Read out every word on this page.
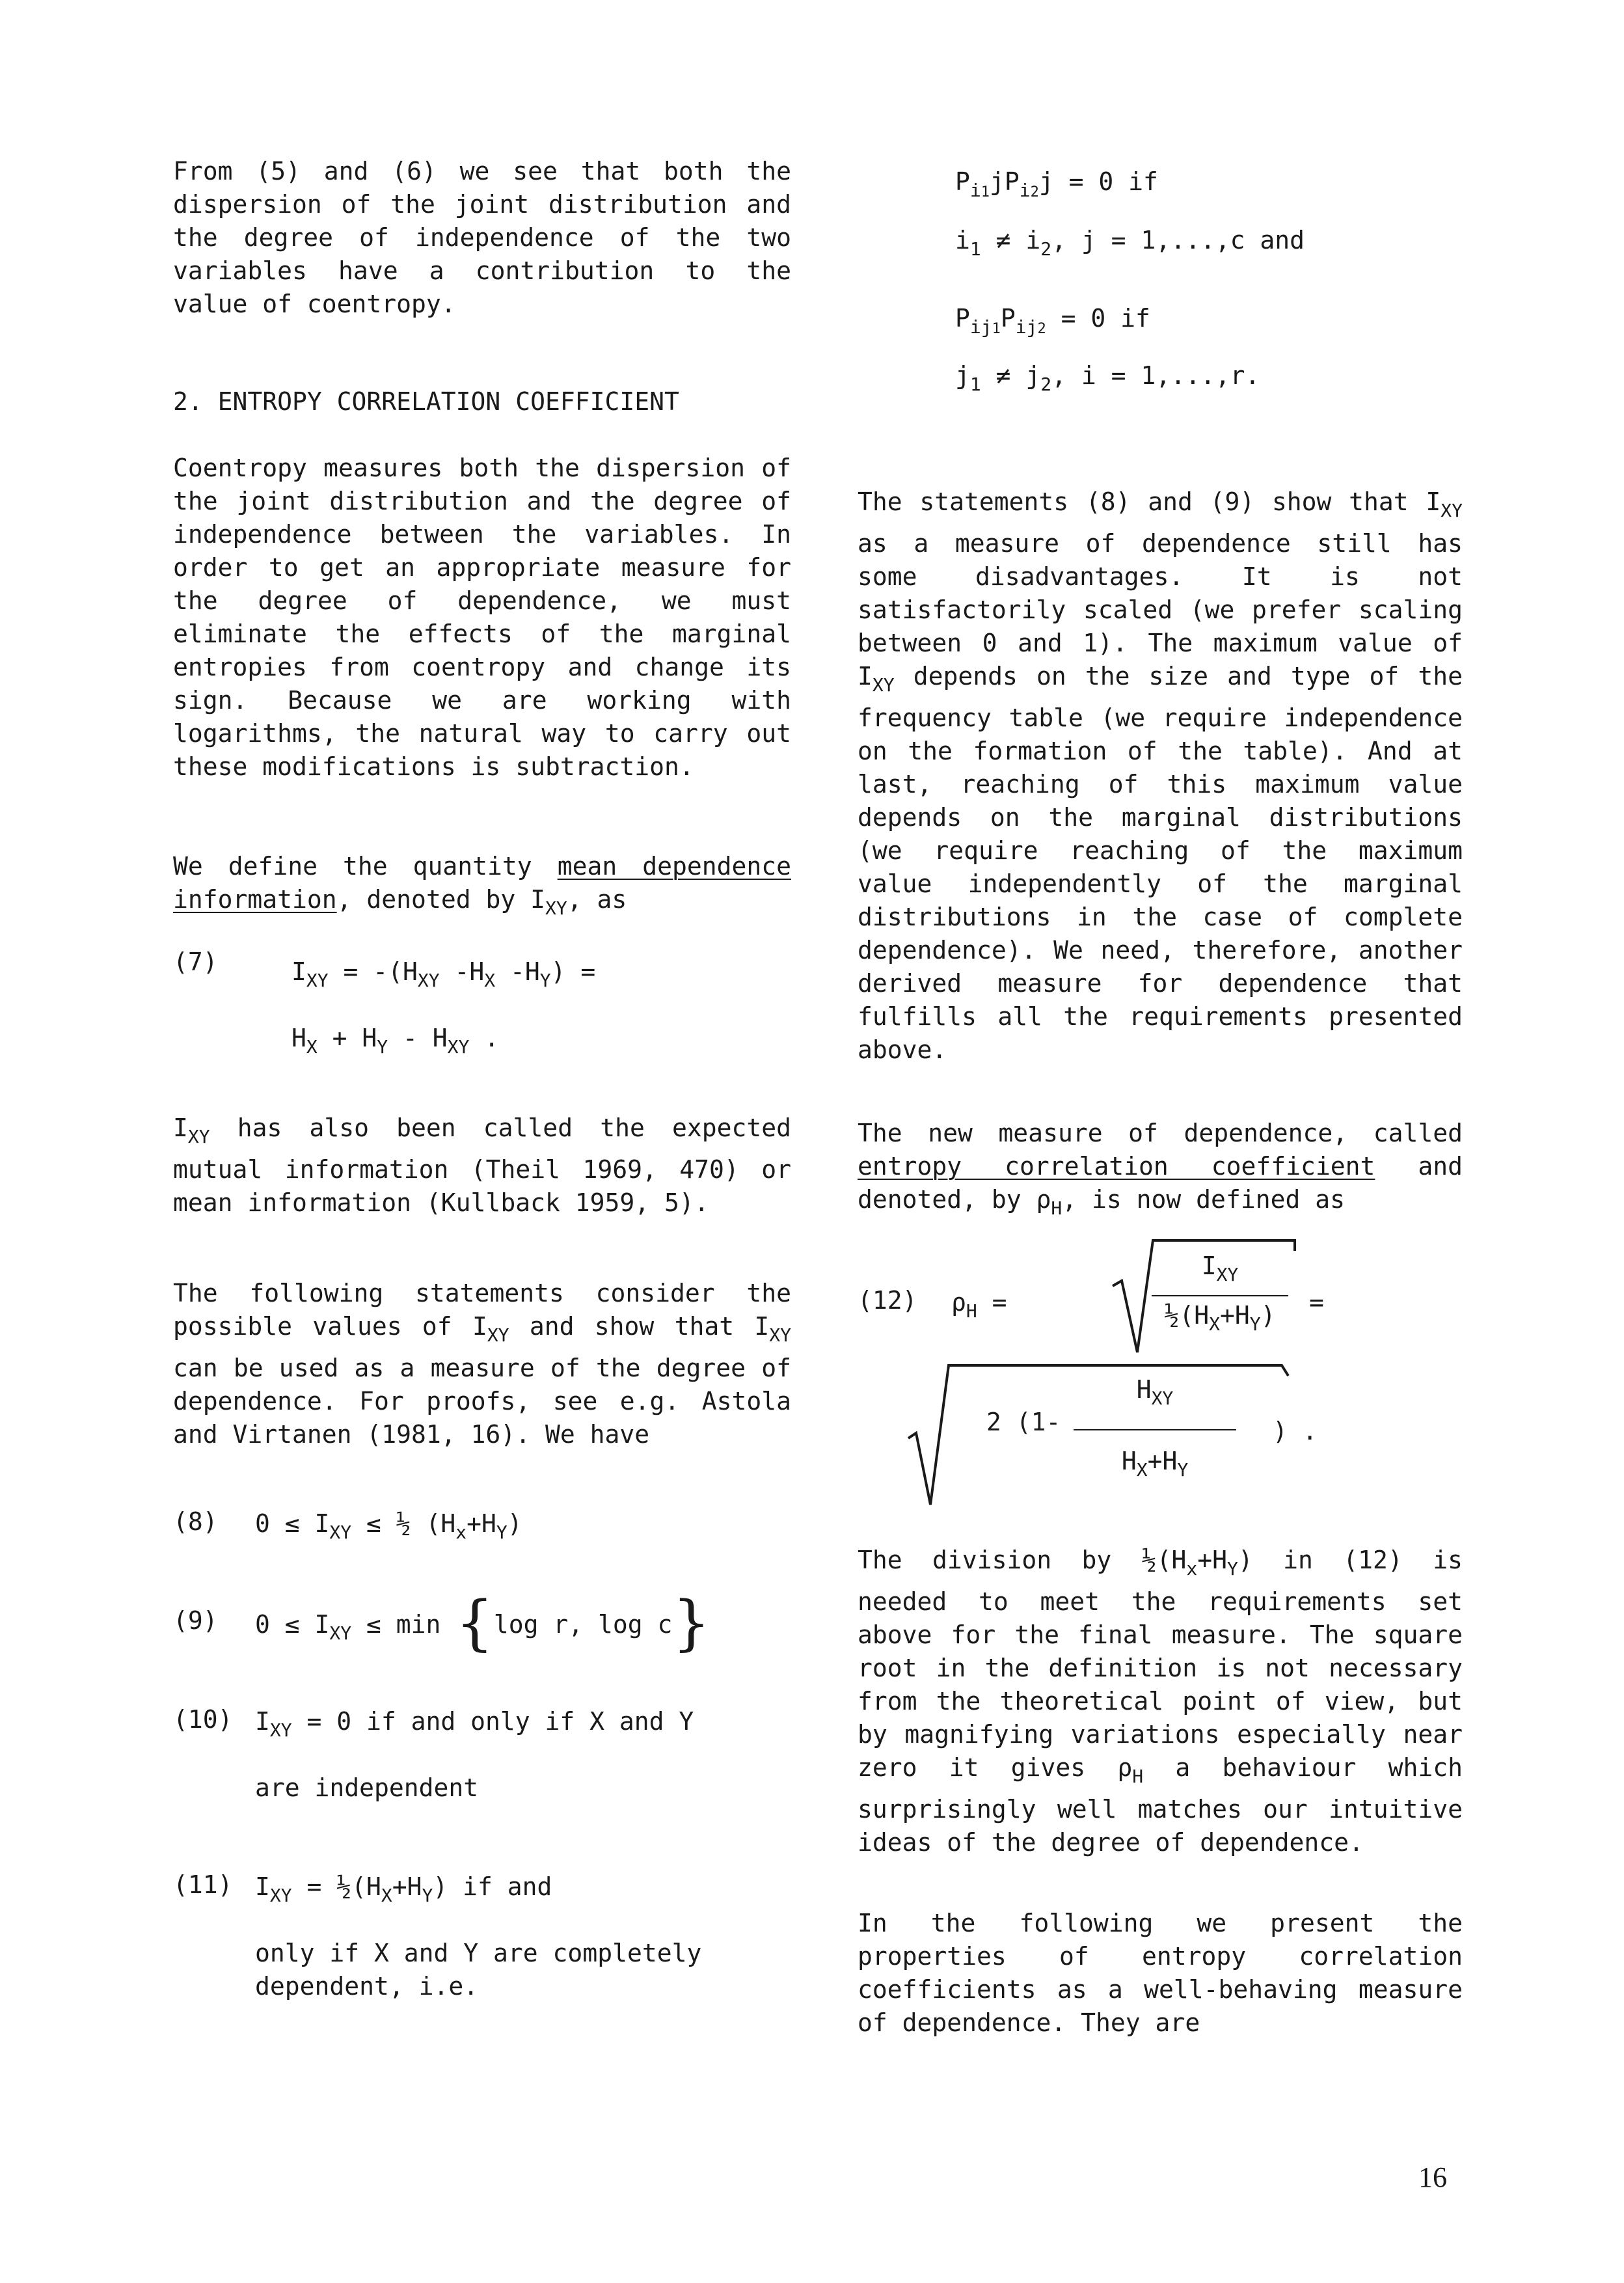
From (5) and (6) we see that both the dispersion of the joint distribution and the degree of independence of the two variables have a contribution to the value of coentropy.
2. ENTROPY CORRELATION COEFFICIENT
Coentropy measures both the dispersion of the joint distribution and the degree of independence between the variables. In order to get an appropriate measure for the degree of dependence, we must eliminate the effects of the marginal entropies from coentropy and change its sign. Because we are working with logarithms, the natural way to carry out these modifications is subtraction.
We define the quantity mean dependence information, denoted by $I_{XY}$, as
(7)	$I_{XY} = -(H_{XY}$ $-H_X$ $-H_Y$) =
$H_X + H_Y - H_{XY}$ .
$I_{XY}$ has also been called the expected mutual information (Theil 1969, 470) or mean information (Kullback 1959, 5).
The following statements consider the possible values of $I_{XY}$ and show that $I_{XY}$ can be used as a measure of the degree of dependence. For proofs, see e.g. Astola and Virtanen (1981, 16). We have
(8) $0 \le I_{XY}$ ≤ ½ $(H_x+H_Y)$
(9) $0 \le I_{XY} \le \min \{\log$ r, log c}
(10) $I_{XY} = 0$ if and only if X and Y
are independent
(11) $I_{XY}$ = $\frac{1}{2}(H_X+H_Y)$ if and
only if X and Y are completely
dependent, i.e.
$P_{i1}jP_{i2}j = 0$ if
$i_1 \ne i_2$, j = 1,...,c and
$P_{ij1}P_{ij2} = 0$ if
$j_1 \ne j_2$, i = 1,...,r.
The statements (8) and (9) show that $I_{XY}$ as a measure of dependence still has some disadvantages. It is not satisfactorily scaled (we prefer scaling between 0 and 1). The maximum value of $I_{XY}$ depends on the size and type of the frequency table (we require independence on the formation of the table). And at last, reaching of this maximum value depends on the marginal distributions (we require reaching of the maximum value independently of the marginal distributions in the case of complete dependence). We need, therefore, another derived measure for dependence that fulfills all the requirements presented above.
The new measure of dependence, called entropy correlation coefficient and denoted, by $\rho_H$, is now defined as
(12) $\rho_H$ =
$I_{XY}$
$\frac{1}{2}(H_X+H_Y)$	=
2 (1-
$H_{XY}$
$H_X+H_Y$
) .
The division by $\frac{1}{2}(H_x+H_Y)$ in (12) is needed to meet the requirements set above for the final measure. The square root in the definition is not necessary from the theoretical point of view, but by magnifying variations especially near zero it gives $\rho_H$ a behaviour which surprisingly well matches our intuitive ideas of the degree of dependence.
In the following we present the properties of entropy correlation coefficients as a well-behaving measure of dependence. They are
16
